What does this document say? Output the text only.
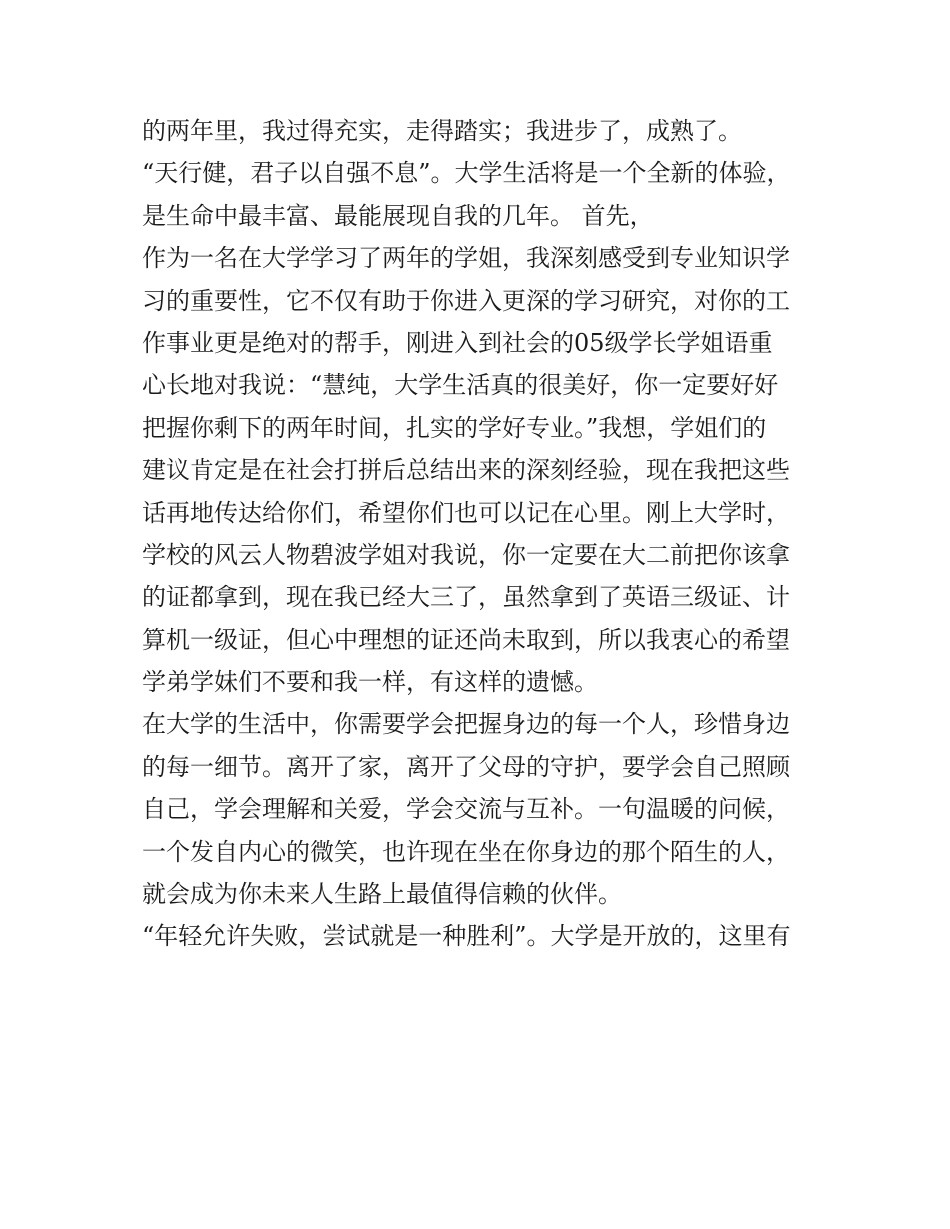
的两年里，我过得充实，走得踏实；我进步了，成熟了。
“天行健，君子以自强不息”。大学生活将是一个全新的体验，
是生命中最丰富、最能展现自我的几年。 首先，
作为一名在大学学习了两年的学姐，我深刻感受到专业知识学
习的重要性，它不仅有助于你进入更深的学习研究，对你的工
作事业更是绝对的帮手，刚进入到社会的05级学长学姐语重
心长地对我说：“慧纯，大学生活真的很美好，你一定要好好
把握你剩下的两年时间，扎实的学好专业。”我想，学姐们的
建议肯定是在社会打拼后总结出来的深刻经验，现在我把这些
话再地传达给你们，希望你们也可以记在心里。刚上大学时，
学校的风云人物碧波学姐对我说，你一定要在大二前把你该拿
的证都拿到，现在我已经大三了，虽然拿到了英语三级证、计
算机一级证，但心中理想的证还尚未取到，所以我衷心的希望
学弟学妹们不要和我一样，有这样的遗憾。
在大学的生活中，你需要学会把握身边的每一个人，珍惜身边
的每一细节。离开了家，离开了父母的守护，要学会自己照顾
自己，学会理解和关爱，学会交流与互补。一句温暖的问候，
一个发自内心的微笑，也许现在坐在你身边的那个陌生的人，
就会成为你未来人生路上最值得信赖的伙伴。
“年轻允许失败，尝试就是一种胜利”。大学是开放的，这里有
